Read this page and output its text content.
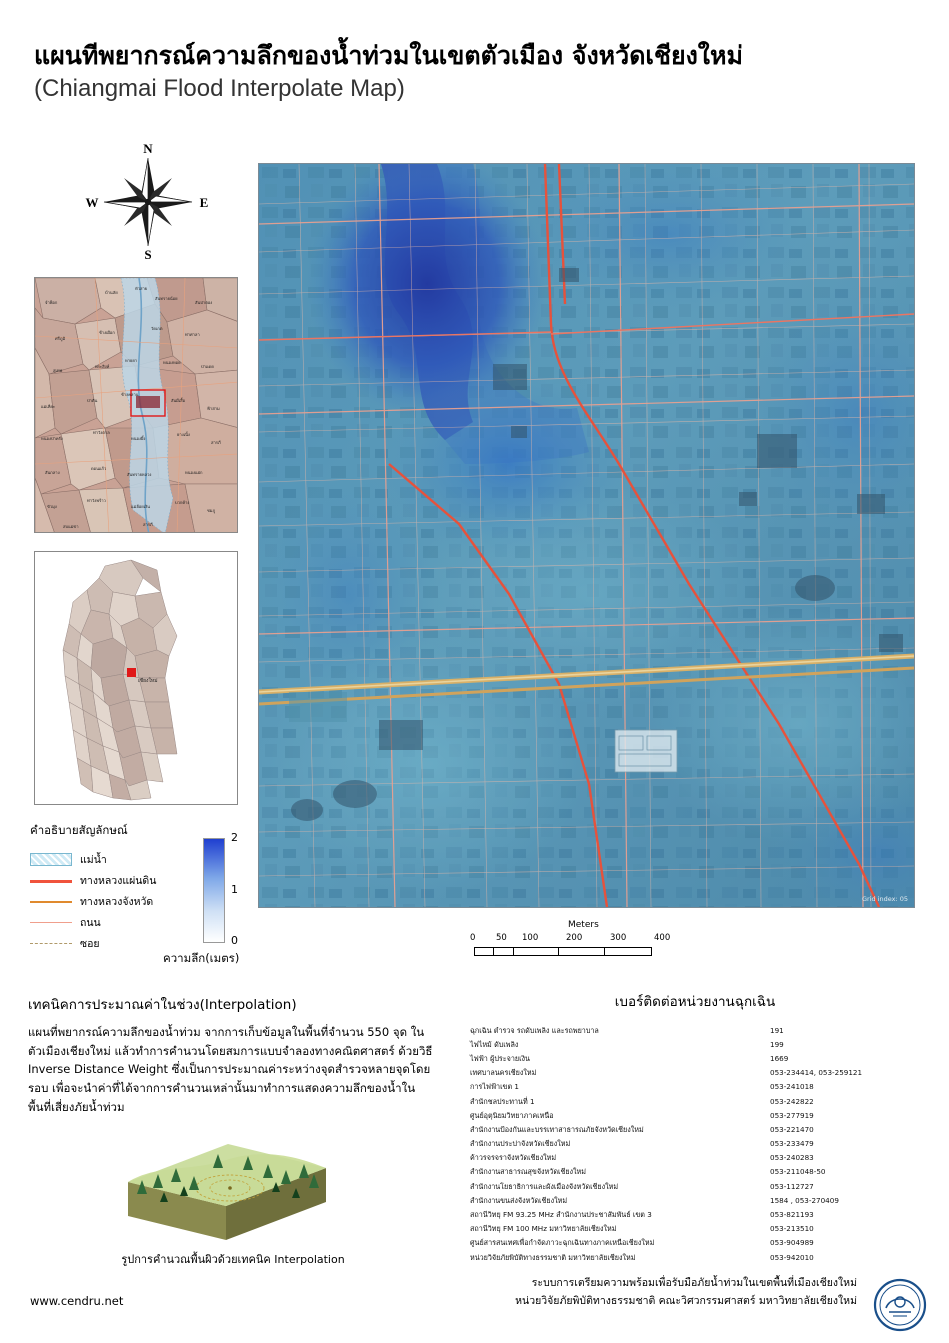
แผนทีพยากรณ์ความลึกของน้ำท่วมในเขตตัวเมือง จังหวัดเชียงใหม่
(Chiangmai Flood Interpolate Map)
N
S
E
W
จำพ็อก
บ้านลัย
หัวสาย
สันทรายน้อย
สันป่าตอง
ศรีภูมิ
ช้างเผือก
วัดเกต
ท่าศาลา
สุเทพ
พระสิงห์
หายยา	หนองหอย
ป่าแดด
แม่เหียะ
ป่าตัน
ช้างคลาน
สันผีเสื้อ
ฟ้าฮ่าม
หนองป่าครั่ง
ท่าวังตาล
หนองผึ้ง
ยางเนิ้ง
สารภี
สันกลาง
ดอนแก้ว
สันทรายหลวง	หนองแฝก
ขัวมุง
ท่าวังพร้าว
แม่ฮ้อยเงิน
บวกค้าง
ชมภู
สบแม่ข่า	สารภี
เชียงใหม่
คำอธิบายสัญลักษณ์
แม่น้ำ
ทางหลวงแผ่นดิน
ทางหลวงจังหวัด
ถนน
ซอย
2
1
0
ความลึก(เมตร)
Grid index: 05
Meters
0 50 100	200	300	400
เทคนิคการประมาณค่าในช่วง(Interpolation)

แผนที่พยากรณ์ความลึกของน้ำท่วม จากการเก็บข้อมูลในพื้นที่จำนวน 550 จุด ในตัวเมืองเชียงใหม่ แล้วทำการคำนวนโดยสมการแบบจำลองทางคณิตศาสตร์ ด้วยวิธี Inverse Distance Weight ซึ่งเป็นการประมาณค่าระหว่างจุดสำรวจหลายจุดโดยรอบ เพื่อจะนำค่าที่ได้จากการคำนวนเหล่านั้นมาทำการแสดงความลึกของน้ำในพื้นที่เสี่ยงภัยน้ำท่วม

รูปการคำนวณพื้นผิวด้วยเทคนิค Interpolation
เบอร์ติดต่อหน่วยงานฉุกเฉิน
ฉุกเฉิน ตำรวจ รถดับเพลิง และรถพยาบาล	191
ไฟไหม้ ดับเพลิง	199
ไฟฟ้า ผู้ประจายเงิน	1669
เทศบาลนครเชียงใหม่	053-234414, 053-259121
การไฟฟ้าเขต 1	053-241018
สำนักชลประทานที่ 1	053-242822
ศูนย์อุตุนิยมวิทยาภาคเหนือ	053-277919
สำนักงานป้องกันและบรรเทาสาธารณภัยจังหวัดเชียงใหม่	053-221470
สำนักงานประปาจังหวัดเชียงใหม่	053-233479
ค้าวรจรจราจังหวัดเชียงใหม่	053-240283
สำนักงานสาธารณสุขจังหวัดเชียงใหม่	053-211048-50
สำนักงานโยธาธิการและผังเมืองจังหวัดเชียงใหม่	053-112727
สำนักงานขนส่งจังหวัดเชียงใหม่	1584 , 053-270409
สถานีวิทยุ FM 93.25 MHz สำนักงานประชาสัมพันธ์ เขต 3	053-821193
สถานีวิทยุ FM 100 MHz มหาวิทยาลัยเชียงใหม่	053-213510
ศูนย์สารสนเทศเพื่อกำจัดภาวะฉุกเฉินทางภาคเหนือเชียงใหม่	053-904989
หน่วยวิจัยภัยพิบัติทางธรรมชาติ มหาวิทยาลัยเชียงใหม่	053-942010
www.cendru.net
ระบบการเตรียมความพร้อมเพื่อรับมือภัยน้ำท่วมในเขตพื้นที่เมืองเชียงใหม่
หน่วยวิจัยภัยพิบัติทางธรรมชาติ คณะวิศวกรรมศาสตร์ มหาวิทยาลัยเชียงใหม่
